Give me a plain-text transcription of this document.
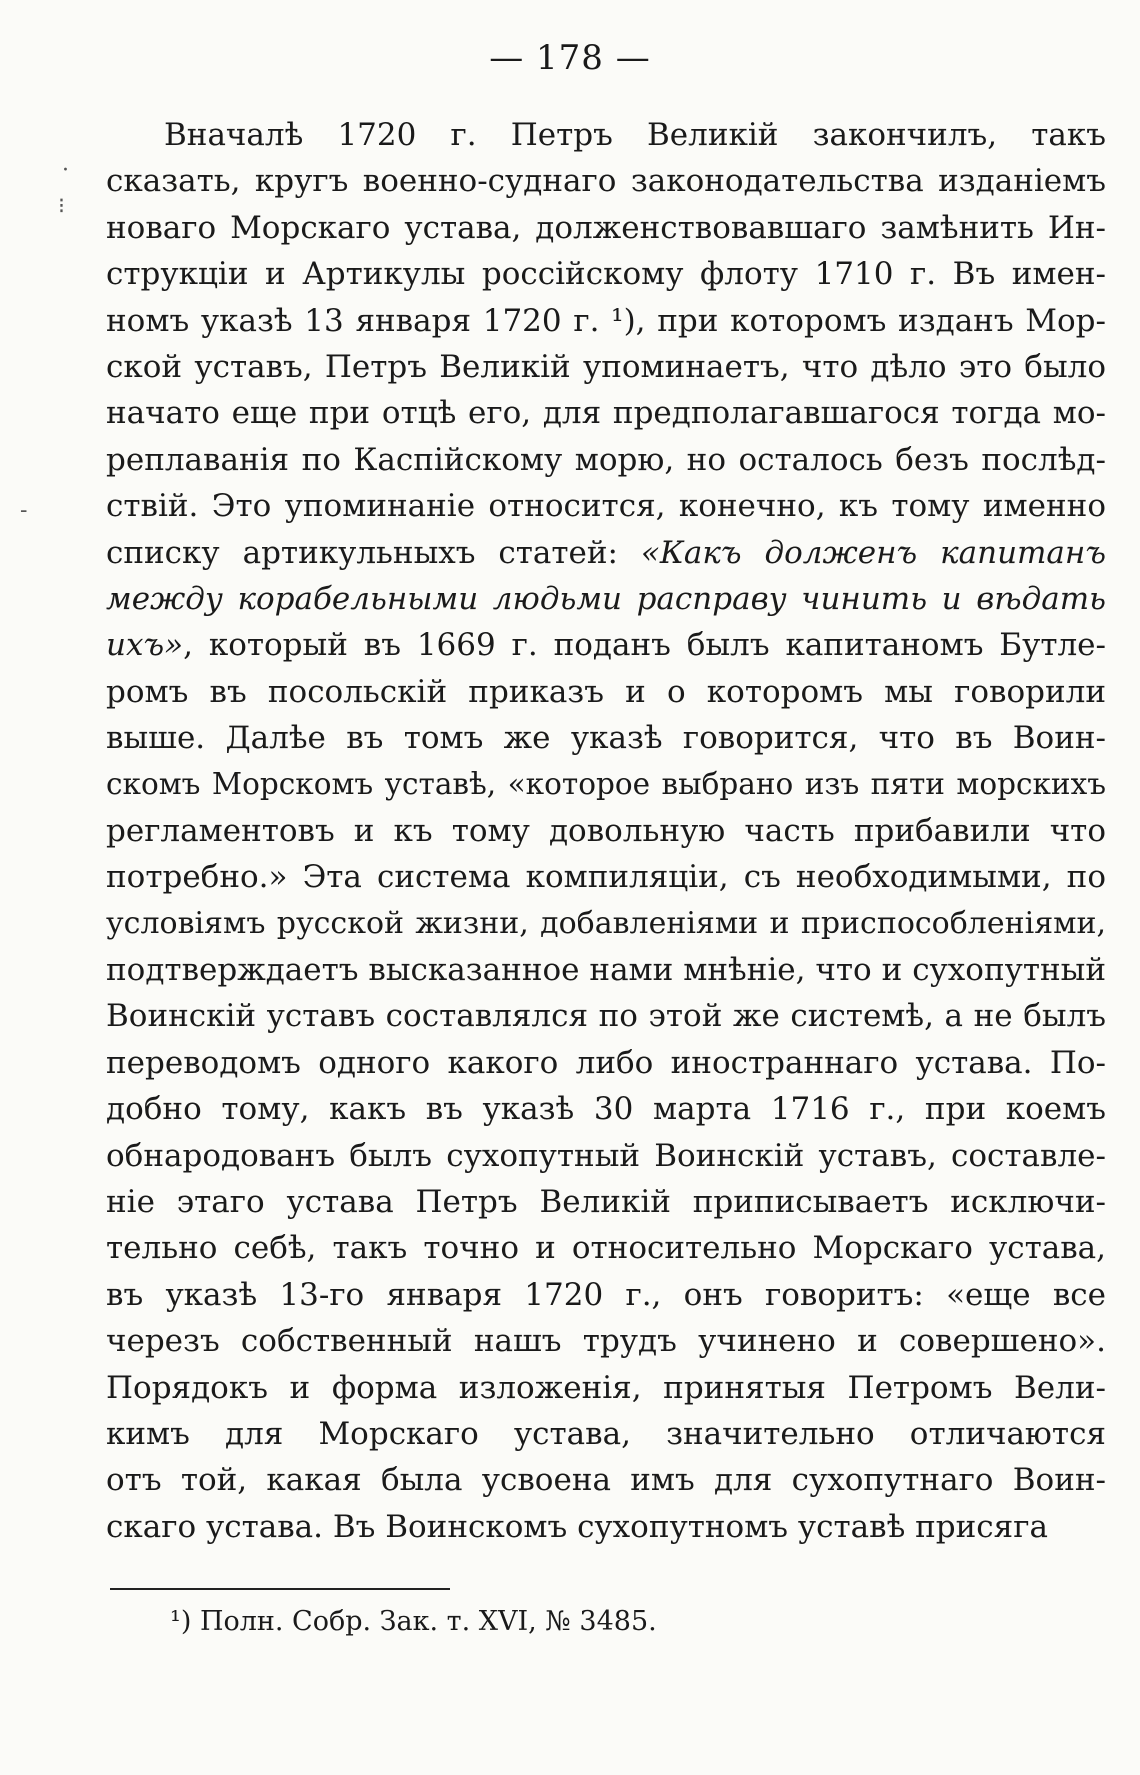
— 178 —
·
⁝
-
Вначалѣ 1720 г. Петръ Великій закончилъ, такъ
сказать, кругъ военно-суднаго законодательства изданіемъ
новаго Морскаго устава, долженствовавшаго замѣнить Ин-
струкціи и Артикулы россійскому флоту 1710 г. Въ имен-
номъ указѣ 13 января 1720 г. ¹), при которомъ изданъ Мор-
ской уставъ, Петръ Великій упоминаетъ, что дѣло это было
начато еще при отцѣ его, для предполагавшагося тогда мо-
реплаванія по Каспійскому морю, но осталось безъ послѣд-
ствій. Это упоминаніе относится, конечно, къ тому именно
списку артикульныхъ статей: «Какъ долженъ капитанъ
между корабельными людьми расправу чинить и вѣдать
ихъ», который въ 1669 г. поданъ былъ капитаномъ Бутле-
ромъ въ посольскій приказъ и о которомъ мы говорили
выше. Далѣе въ томъ же указѣ говорится, что въ Воин-
скомъ Морскомъ уставѣ, «которое выбрано изъ пяти морскихъ
регламентовъ и къ тому довольную часть прибавили что
потребно.» Эта система компиляціи, съ необходимыми, по
условіямъ русской жизни, добавленіями и приспособленіями,
подтверждаетъ высказанное нами мнѣніе, что и сухопутный
Воинскій уставъ составлялся по этой же системѣ, а не былъ
переводомъ одного какого либо иностраннаго устава. По-
добно тому, какъ въ указѣ 30 марта 1716 г., при коемъ
обнародованъ былъ сухопутный Воинскій уставъ, составле-
ніе этаго устава Петръ Великій приписываетъ исключи-
тельно себѣ, такъ точно и относительно Морскаго устава,
въ указѣ 13-го января 1720 г., онъ говоритъ: «еще все
черезъ собственный нашъ трудъ учинено и совершено».
Порядокъ и форма изложенія, принятыя Петромъ Вели-
кимъ для Морскаго устава, значительно отличаются
отъ той, какая была усвоена имъ для сухопутнаго Воин-
скаго устава. Въ Воинскомъ сухопутномъ уставѣ присяга
¹) Полн. Собр. Зак. т. XVI, № 3485.
